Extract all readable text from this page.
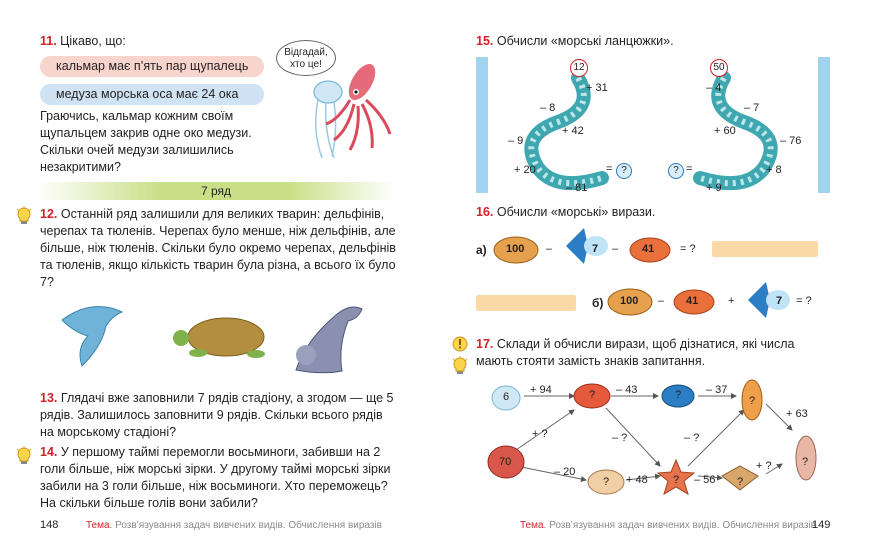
11. Цікаво, що:
кальмар має п’ять пар щупалець
медуза морська оса має 24 ока
Граючись, кальмар кожним своїм щупальцем закрив одне око медузи. Скільки очей медузи залишились незакритими?
Відгадай, хто це!
7 ряд
12. Останній ряд залишили для великих тварин: дельфінів, черепах та тюленів. Черепах було менше, ніж дельфінів, але більше, ніж тюленів. Скільки було окремо черепах, дельфінів та тюленів, якщо кількість тварин була різна, а всього їх було 7?
13. Глядачі вже заповнили 7 рядів стадіону, а згодом — ще 5 рядів. Залишилось заповнити 9 рядів. Скільки всього рядів на морському стадіоні?
14. У першому таймі перемогли восьминоги, забивши на 2 голи більше, ніж морські зірки. У другому таймі морські зірки забили на 3 голи більше, ніж восьминоги. Хто переможець? На скільки більше голів вони забили?
148	Тема. Розв’язування задач вивчених видів. Обчислення виразів
15. Обчисли «морські ланцюжки».
12
+ 31
– 8
+ 42
– 9
+ 20
– 81
= ?
50
– 4
– 7
+ 60
– 76
+ 8
+ 9
? =
16. Обчисли «морські» вирази.
а) 100 –	7 – 41 = ?
б) 100 – 41	+	7 = ?
17. Склади й обчисли вирази, щоб дізнатися, які числа мають стояти замість знаків запитання.
6	?	?	?
70
?	?	?
?
+ 94	– 43	– 37
+ 63
+ ?	– ?	– ?
– 20
+ 48	– 56
+ ?
Тема. Розв’язування задач вивчених видів. Обчислення виразів
149
